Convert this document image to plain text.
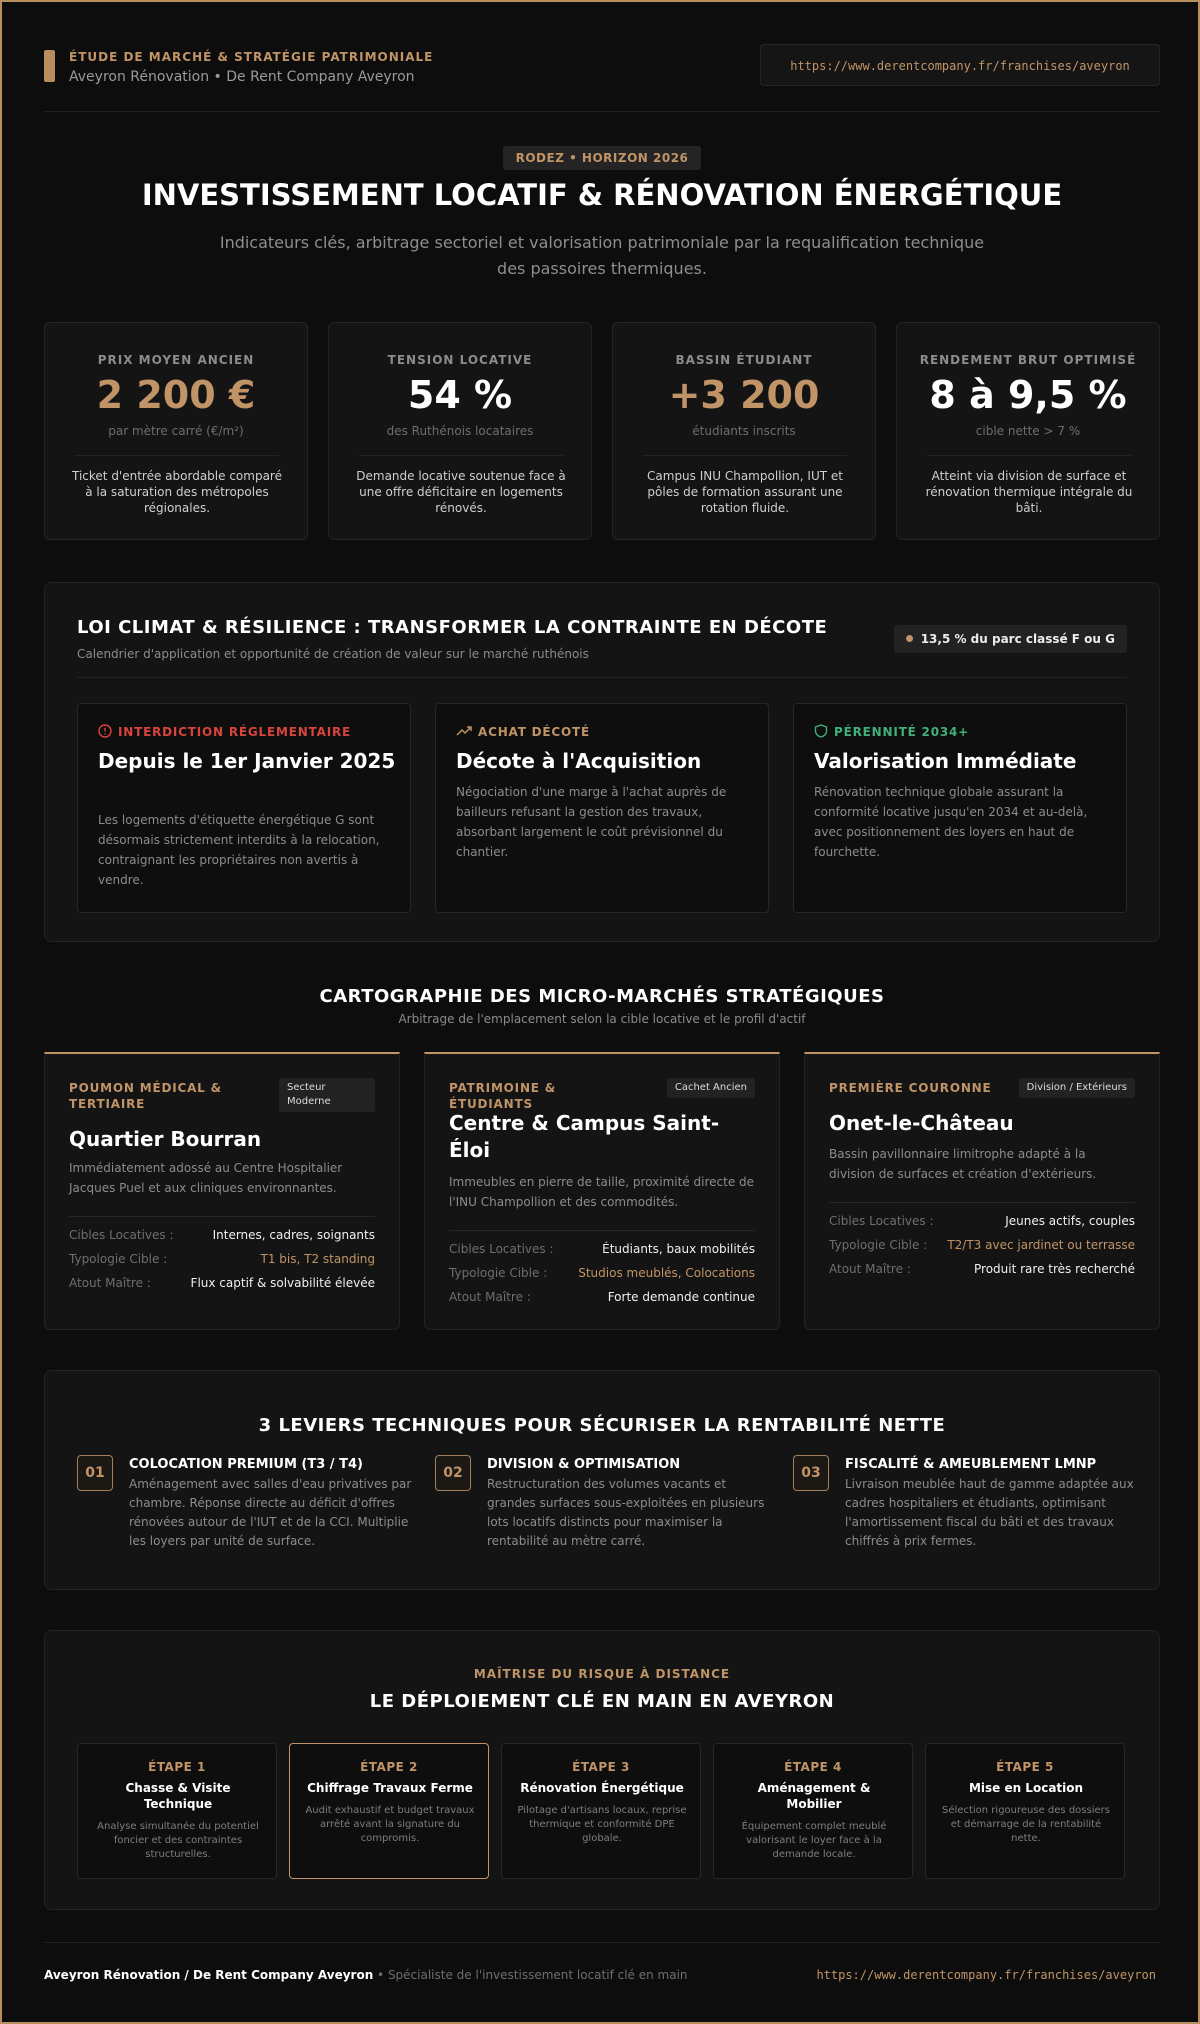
ÉTUDE DE MARCHÉ & STRATÉGIE PATRIMONIALE
Aveyron Rénovation • De Rent Company Aveyron
https://www.derentcompany.fr/franchises/aveyron
RODEZ • HORIZON 2026
INVESTISSEMENT LOCATIF & RÉNOVATION ÉNERGÉTIQUE
Indicateurs clés, arbitrage sectoriel et valorisation patrimoniale par la requalification technique des passoires thermiques.
PRIX MOYEN ANCIEN
2 200 €
par mètre carré (€/m²)
Ticket d'entrée abordable comparé à la saturation des métropoles régionales.
TENSION LOCATIVE
54 %
des Ruthénois locataires
Demande locative soutenue face à une offre déficitaire en logements rénovés.
BASSIN ÉTUDIANT
+3 200
étudiants inscrits
Campus INU Champollion, IUT et pôles de formation assurant une rotation fluide.
RENDEMENT BRUT OPTIMISÉ
8 à 9,5 %
cible nette > 7 %
Atteint via division de surface et rénovation thermique intégrale du bâti.
LOI CLIMAT & RÉSILIENCE : TRANSFORMER LA CONTRAINTE EN DÉCOTE
Calendrier d'application et opportunité de création de valeur sur le marché ruthénois
13,5 % du parc classé F ou G
INTERDICTION RÉGLEMENTAIRE
Depuis le 1er Janvier 2025
Les logements d'étiquette énergétique G sont désormais strictement interdits à la relocation, contraignant les propriétaires non avertis à vendre.
ACHAT DÉCOTÉ
Décote à l'Acquisition
Négociation d'une marge à l'achat auprès de bailleurs refusant la gestion des travaux, absorbant largement le coût prévisionnel du chantier.
PÉRENNITÉ 2034+
Valorisation Immédiate
Rénovation technique globale assurant la conformité locative jusqu'en 2034 et au-delà, avec positionnement des loyers en haut de fourchette.
CARTOGRAPHIE DES MICRO-MARCHÉS STRATÉGIQUES
Arbitrage de l'emplacement selon la cible locative et le profil d'actif
POUMON MÉDICAL & TERTIAIRE
Secteur Moderne
Quartier Bourran
Immédiatement adossé au Centre Hospitalier Jacques Puel et aux cliniques environnantes.
Cibles Locatives :	Internes, cadres, soignants
Typologie Cible :	T1 bis, T2 standing
Atout Maître :	Flux captif & solvabilité élevée
PATRIMOINE & ÉTUDIANTS
Cachet Ancien
Centre & Campus Saint-Éloi
Immeubles en pierre de taille, proximité directe de l'INU Champollion et des commodités.
Cibles Locatives :	Étudiants, baux mobilités
Typologie Cible :	Studios meublés, Colocations
Atout Maître :	Forte demande continue
PREMIÈRE COURONNE	Division / Extérieurs
Onet-le-Château
Bassin pavillonnaire limitrophe adapté à la division de surfaces et création d'extérieurs.
Cibles Locatives :	Jeunes actifs, couples
Typologie Cible : T2/T3 avec jardinet ou terrasse
Atout Maître :	Produit rare très recherché
3 LEVIERS TECHNIQUES POUR SÉCURISER LA RENTABILITÉ NETTE
01
COLOCATION PREMIUM (T3 / T4)
Aménagement avec salles d'eau privatives par chambre. Réponse directe au déficit d'offres rénovées autour de l'IUT et de la CCI. Multiplie les loyers par unité de surface.
02
DIVISION & OPTIMISATION
Restructuration des volumes vacants et grandes surfaces sous-exploitées en plusieurs lots locatifs distincts pour maximiser la rentabilité au mètre carré.
03
FISCALITÉ & AMEUBLEMENT LMNP
Livraison meublée haut de gamme adaptée aux cadres hospitaliers et étudiants, optimisant l'amortissement fiscal du bâti et des travaux chiffrés à prix fermes.
MAÎTRISE DU RISQUE À DISTANCE
LE DÉPLOIEMENT CLÉ EN MAIN EN AVEYRON
ÉTAPE 1
Chasse & Visite Technique
Analyse simultanée du potentiel foncier et des contraintes structurelles.
ÉTAPE 2
Chiffrage Travaux Ferme
Audit exhaustif et budget travaux arrêté avant la signature du compromis.
ÉTAPE 3
Rénovation Énergétique
Pilotage d'artisans locaux, reprise thermique et conformité DPE globale.
ÉTAPE 4
Aménagement & Mobilier
Équipement complet meublé valorisant le loyer face à la demande locale.
ÉTAPE 5
Mise en Location
Sélection rigoureuse des dossiers et démarrage de la rentabilité nette.
Aveyron Rénovation / De Rent Company Aveyron • Spécialiste de l'investissement locatif clé en main	https://www.derentcompany.fr/franchises/aveyron
